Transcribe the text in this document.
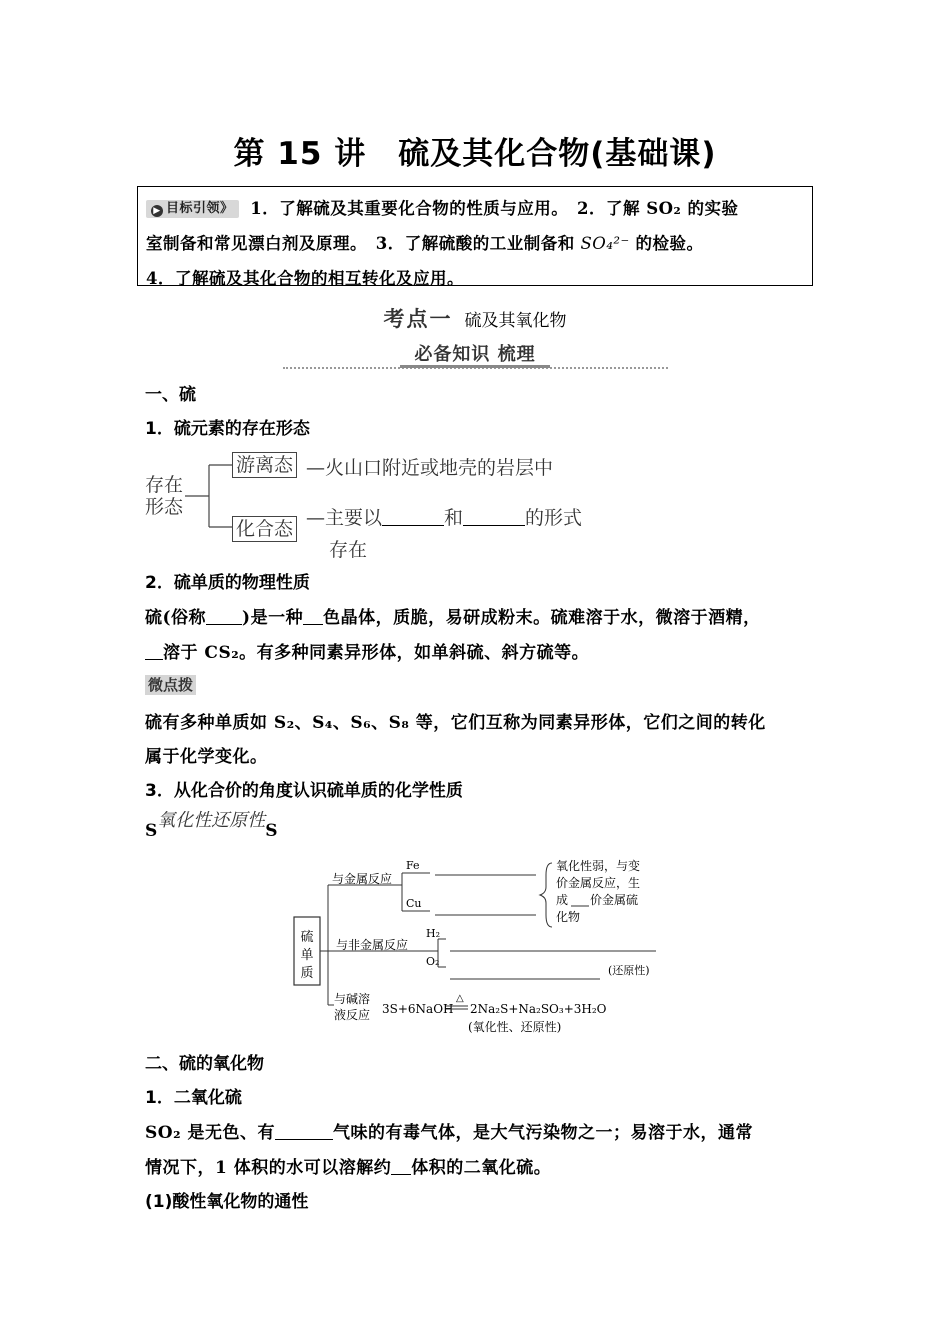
第 15 讲　硫及其化合物(基础课)
▶ 目标引领》 1．了解硫及其重要化合物的性质与应用。　2．了解 SO₂ 的实验
室制备和常见漂白剂及原理。　3．了解硫酸的工业制备和 SO₄²⁻ 的检验。
4．了解硫及其化合物的相互转化及应用。
考点一 硫及其氧化物
必备知识 梳理
一、硫
1．硫元素的存在形态
存在
形态
游离态 —火山口附近或地壳的岩层中
化合态 —主要以	和	的形式
存在
2．硫单质的物理性质
硫(俗称 )是一种 色晶体，质脆，易研成粉末。硫难溶于水，微溶于酒精，
溶于 CS₂。有多种同素异形体，如单斜硫、斜方硫等。
微点拨
硫有多种单质如 S₂、S₄、S₆、S₈ 等，它们互称为同素异形体，它们之间的转化
属于化学变化。
3．从化合价的角度认识硫单质的化学性质
S氧化性还原性S
硫
单
质
与金属反应
Fe
Cu
氧化性弱，与变
价金属反应，生
成 价金属硫
化物
与非金属反应
H₂
O₂
(还原性)
与碱溶
液反应 3S+6NaOH
△
2Na₂S+Na₂SO₃+3H₂O
(氧化性、还原性)
二、硫的氧化物
1．二氧化硫
SO₂ 是无色、有	气味的有毒气体，是大气污染物之一；易溶于水，通常
情况下，1 体积的水可以溶解约 体积的二氧化硫。
(1)酸性氧化物的通性
